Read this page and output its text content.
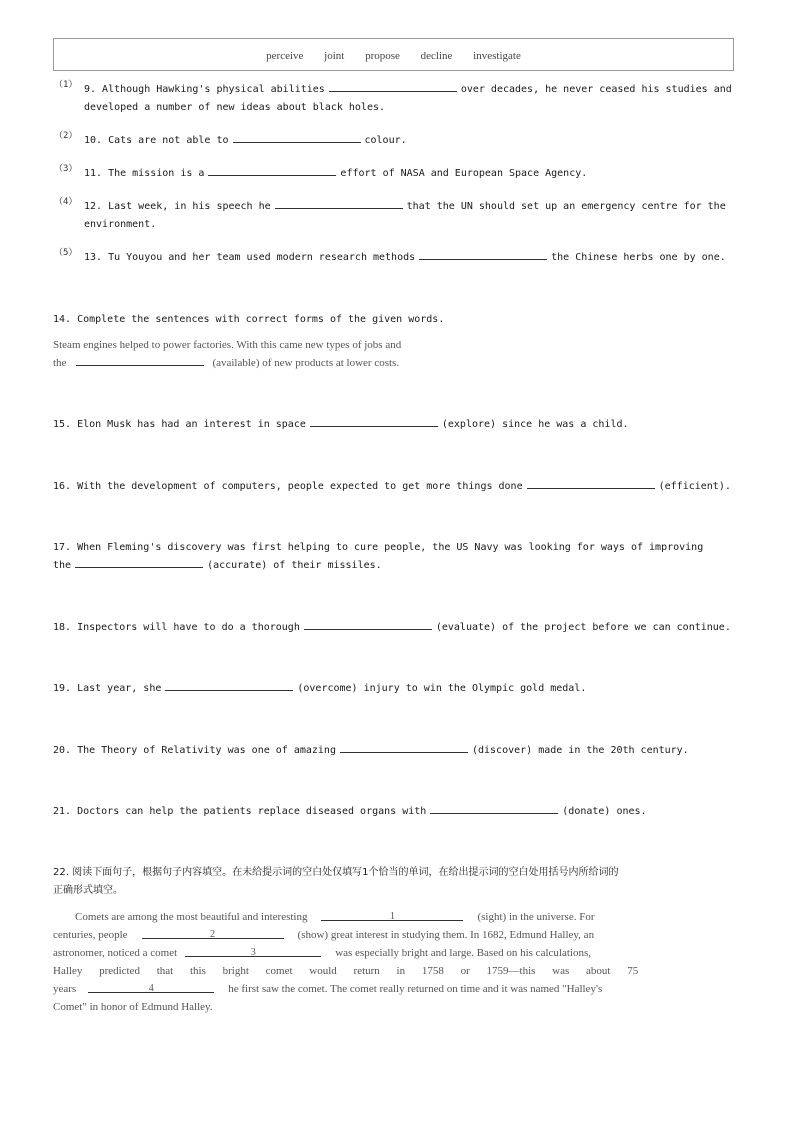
perceive joint propose decline investigate
（1） 9. Although Hawking's physical abilities	over decades, he never ceased his studies and
developed a number of new ideas about black holes.
（2） 10. Cats are not able to	colour.
（3） 11. The mission is a	effort of NASA and European Space Agency.
（4） 12. Last week, in his speech he	that the UN should set up an emergency centre for the
environment.
（5） 13. Tu Youyou and her team used modern research methods	the Chinese herbs one by one.
14. Complete the sentences with correct forms of the given words.
Steam engines helped to power factories. With this came new types of jobs and
the	(available) of new products at lower costs.
15. Elon Musk has had an interest in space	(explore) since he was a child.
16. With the development of computers, people expected to get more things done	(efficient).
17. When Fleming's discovery was first helping to cure people, the US Navy was looking for ways of improving
the	(accurate) of their missiles.
18. Inspectors will have to do a thorough	(evaluate) of the project before we can continue.
19. Last year, she	(overcome) injury to win the Olympic gold medal.
20. The Theory of Relativity was one of amazing	(discover) made in the 20th century.
21. Doctors can help the patients replace diseased organs with	(donate) ones.
22. 阅读下面句子，根据句子内容填空。在未给提示词的空白处仅填写1个恰当的单词，在给出提示词的空白处用括号内所给词的
正确形式填空。
Comets are among the most beautiful and interesting	1	(sight) in the universe. For
centuries, people	2	(show) great interest in studying them. In 1682, Edmund Halley, an
astronomer, noticed a comet	3	was especially bright and large. Based on his calculations,
Halley predicted that this bright comet would return in 1758 or 1759—this was about 75
years	4	he first saw the comet. The comet really returned on time and it was named "Halley's
Comet" in honor of Edmund Halley.
